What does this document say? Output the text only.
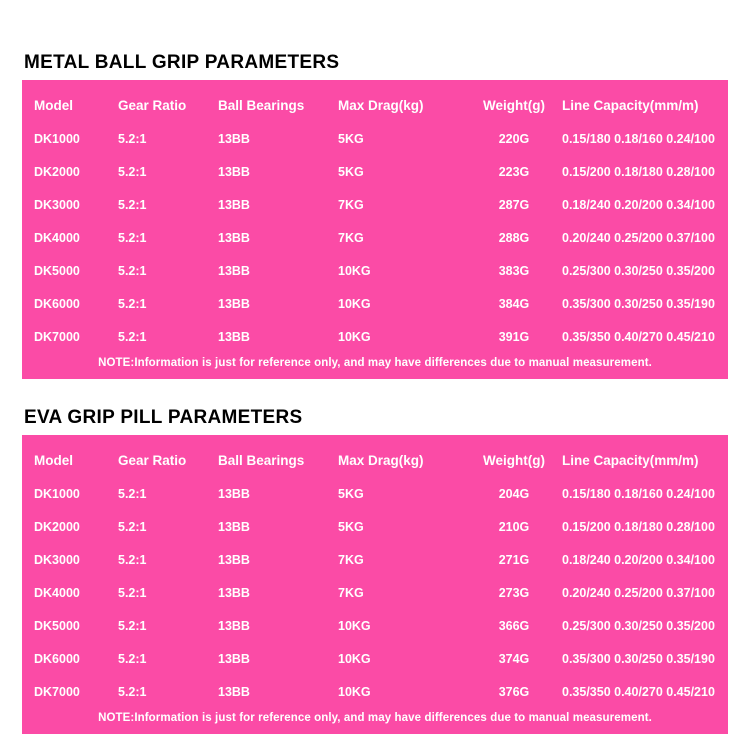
METAL BALL GRIP PARAMETERS
Model	Gear Ratio	Ball Bearings	Max Drag(kg)	Weight(g)	Line Capacity(mm/m)
DK1000	5.2:1	13BB	5KG	220G	0.15/180 0.18/160 0.24/100
DK2000	5.2:1	13BB	5KG	223G	0.15/200 0.18/180 0.28/100
DK3000	5.2:1	13BB	7KG	287G	0.18/240 0.20/200 0.34/100
DK4000	5.2:1	13BB	7KG	288G	0.20/240 0.25/200 0.37/100
DK5000	5.2:1	13BB	10KG	383G	0.25/300 0.30/250 0.35/200
DK6000	5.2:1	13BB	10KG	384G	0.35/300 0.30/250 0.35/190
DK7000	5.2:1	13BB	10KG	391G	0.35/350 0.40/270 0.45/210
NOTE:Information is just for reference only, and may have differences due to manual measurement.
EVA GRIP PILL PARAMETERS
Model	Gear Ratio	Ball Bearings	Max Drag(kg)	Weight(g)	Line Capacity(mm/m)
DK1000	5.2:1	13BB	5KG	204G	0.15/180 0.18/160 0.24/100
DK2000	5.2:1	13BB	5KG	210G	0.15/200 0.18/180 0.28/100
DK3000	5.2:1	13BB	7KG	271G	0.18/240 0.20/200 0.34/100
DK4000	5.2:1	13BB	7KG	273G	0.20/240 0.25/200 0.37/100
DK5000	5.2:1	13BB	10KG	366G	0.25/300 0.30/250 0.35/200
DK6000	5.2:1	13BB	10KG	374G	0.35/300 0.30/250 0.35/190
DK7000	5.2:1	13BB	10KG	376G	0.35/350 0.40/270 0.45/210
NOTE:Information is just for reference only, and may have differences due to manual measurement.
